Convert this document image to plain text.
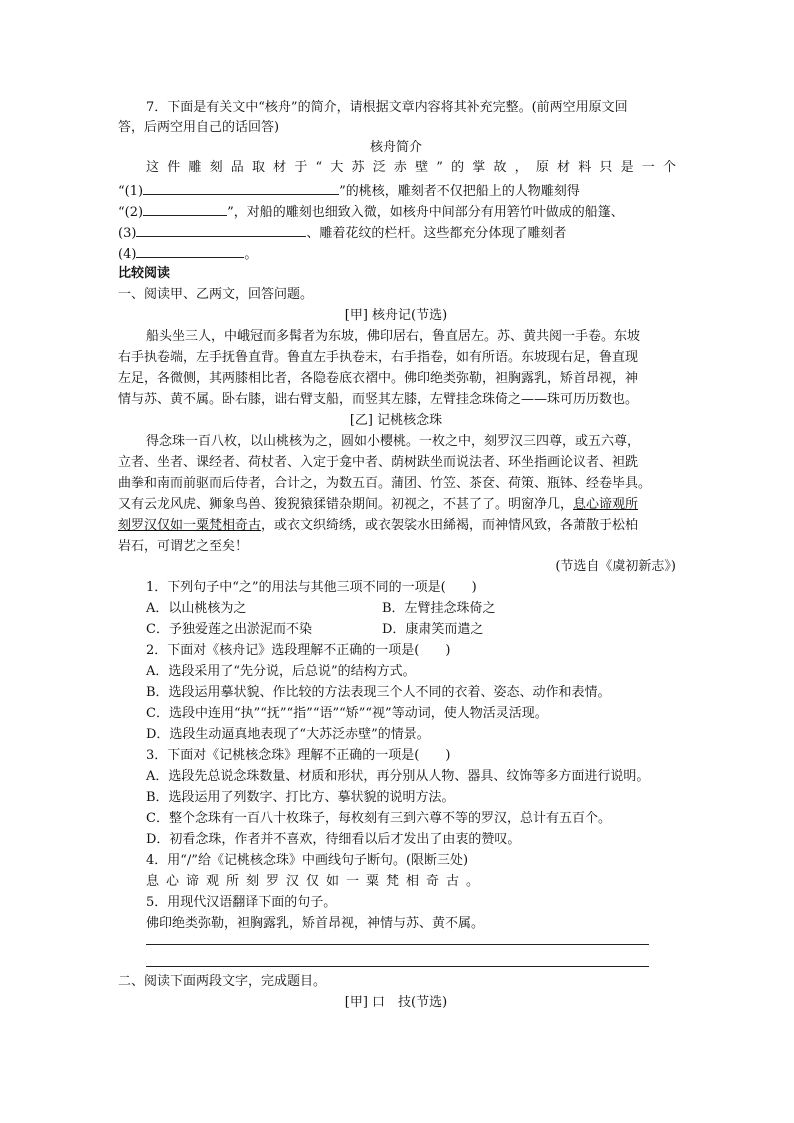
7．下面是有关文中“核舟”的简介，请根据文章内容将其补充完整。(前两空用原文回
答，后两空用自己的话回答)
核舟简介
这件雕刻品取材于“大苏泛赤壁”的掌故，原材料只是一个
“(1)	”的桃核，雕刻者不仅把船上的人物雕刻得
“(2)	”，对船的雕刻也细致入微，如核舟中间部分有用箬竹叶做成的船篷、
(3)	、雕着花纹的栏杆。这些都充分体现了雕刻者
(4)	。
比较阅读
一、阅读甲、乙两文，回答问题。
[甲] 核舟记(节选)
船头坐三人，中峨冠而多髯者为东坡，佛印居右，鲁直居左。苏、黄共阅一手卷。东坡
右手执卷端，左手抚鲁直背。鲁直左手执卷末，右手指卷，如有所语。东坡现右足，鲁直现
左足，各微侧，其两膝相比者，各隐卷底衣褶中。佛印绝类弥勒，袒胸露乳，矫首昂视，神
情与苏、黄不属。卧右膝，诎右臂支船，而竖其左膝，左臂挂念珠倚之——珠可历历数也。
[乙] 记桃核念珠
得念珠一百八枚，以山桃核为之，圆如小樱桃。一枚之中，刻罗汉三四尊，或五六尊，
立者、坐者、课经者、荷杖者、入定于龛中者、荫树趺坐而说法者、环坐指画论议者、袒跣
曲拳和南而前驱而后侍者，合计之，为数五百。蒲团、竹笠、茶奁、荷策、瓶钵、经卷毕具。
又有云龙风虎、狮象鸟兽、狻猊猿猱错杂期间。初视之，不甚了了。明窗净几，息心谛观所
刻罗汉仅如一粟梵相奇古，或衣文织绮绣，或衣袈裟水田絺褐，而神情风致，各萧散于松柏
岩石，可谓艺之至矣！
(节选自《虞初新志》)
1．下列句子中“之”的用法与其他三项不同的一项是(　　)
A．以山桃核为之	B．左臂挂念珠倚之
C．予独爱莲之出淤泥而不染	D．康肃笑而遣之
2．下面对《核舟记》选段理解不正确的一项是(　　)
A．选段采用了“先分说，后总说”的结构方式。
B．选段运用摹状貌、作比较的方法表现三个人不同的衣着、姿态、动作和表情。
C．选段中连用“执”“抚”“指”“语”“矫”“视”等动词，使人物活灵活现。
D．选段生动逼真地表现了“大苏泛赤壁”的情景。
3．下面对《记桃核念珠》理解不正确的一项是(　　)
A．选段先总说念珠数量、材质和形状，再分别从人物、器具、纹饰等多方面进行说明。
B．选段运用了列数字、打比方、摹状貌的说明方法。
C．整个念珠有一百八十枚珠子，每枚刻有三到六尊不等的罗汉，总计有五百个。
D．初看念珠，作者并不喜欢，待细看以后才发出了由衷的赞叹。
4．用“/”给《记桃核念珠》中画线句子断句。(限断三处)
息心谛观所刻罗汉仅如一粟梵相奇古。
5．用现代汉语翻译下面的句子。
佛印绝类弥勒，袒胸露乳，矫首昂视，神情与苏、黄不属。
二、阅读下面两段文字，完成题目。
[甲] 口　技(节选)
